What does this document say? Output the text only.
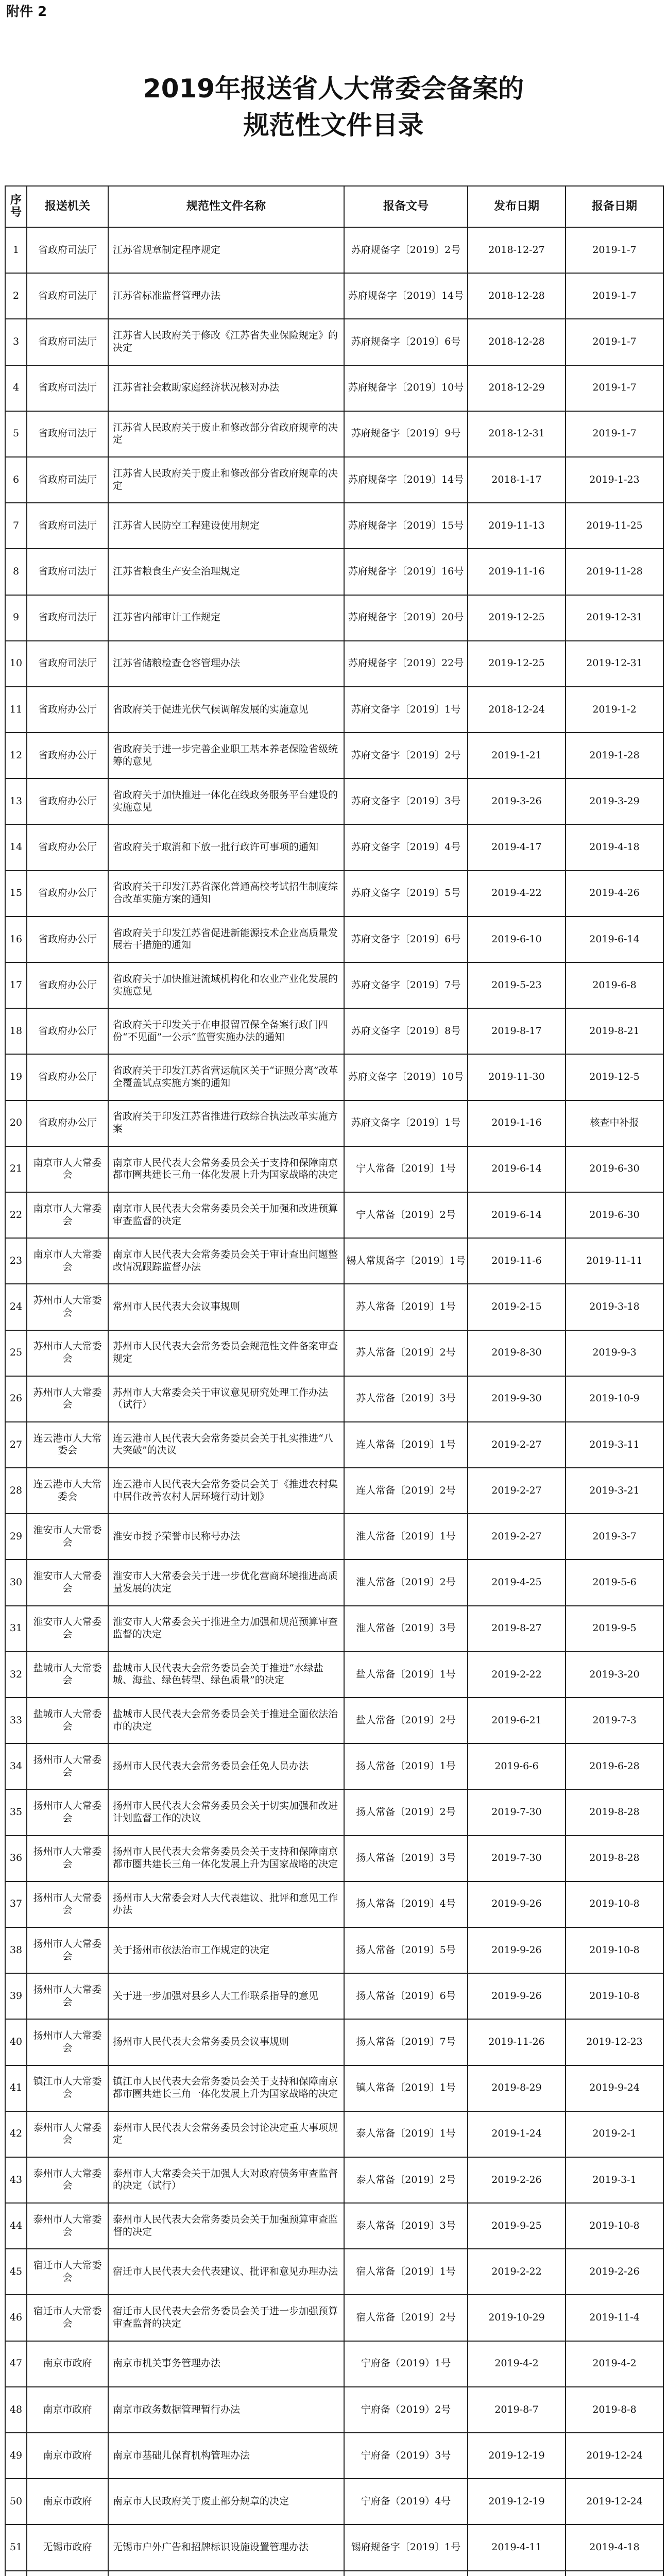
附件 2
2019年报送省人大常委会备案的
规范性文件目录
序号	报送机关	规范性文件名称	报备文号	发布日期	报备日期
1	省政府司法厅	江苏省规章制定程序规定	苏府规备字〔2019〕2号	2018-12-27	2019-1-7
2	省政府司法厅	江苏省标准监督管理办法	苏府规备字〔2019〕14号	2018-12-28	2019-1-7
3	省政府司法厅	江苏省人民政府关于修改《江苏省失业保险规定》的决定	苏府规备字〔2019〕6号	2018-12-28	2019-1-7
4	省政府司法厅	江苏省社会救助家庭经济状况核对办法	苏府规备字〔2019〕10号	2018-12-29	2019-1-7
5	省政府司法厅	江苏省人民政府关于废止和修改部分省政府规章的决定	苏府规备字〔2019〕9号	2018-12-31	2019-1-7
6	省政府司法厅	江苏省人民政府关于废止和修改部分省政府规章的决定	苏府规备字〔2019〕14号	2018-1-17	2019-1-23
7	省政府司法厅	江苏省人民防空工程建设使用规定	苏府规备字〔2019〕15号	2019-11-13	2019-11-25
8	省政府司法厅	江苏省粮食生产安全治理规定	苏府规备字〔2019〕16号	2019-11-16	2019-11-28
9	省政府司法厅	江苏省内部审计工作规定	苏府规备字〔2019〕20号	2019-12-25	2019-12-31
10	省政府司法厅	江苏省储粮检查仓容管理办法	苏府规备字〔2019〕22号	2019-12-25	2019-12-31
11	省政府办公厅	省政府关于促进光伏气候调解发展的实施意见	苏府文备字〔2019〕1号	2018-12-24	2019-1-2
12	省政府办公厅	省政府关于进一步完善企业职工基本养老保险省级统筹的意见	苏府文备字〔2019〕2号	2019-1-21	2019-1-28
13	省政府办公厅	省政府关于加快推进一体化在线政务服务平台建设的实施意见	苏府文备字〔2019〕3号	2019-3-26	2019-3-29
14	省政府办公厅	省政府关于取消和下放一批行政许可事项的通知	苏府文备字〔2019〕4号	2019-4-17	2019-4-18
15	省政府办公厅	省政府关于印发江苏省深化普通高校考试招生制度综合改革实施方案的通知	苏府文备字〔2019〕5号	2019-4-22	2019-4-26
16	省政府办公厅	省政府关于印发江苏省促进新能源技术企业高质量发展若干措施的通知	苏府文备字〔2019〕6号	2019-6-10	2019-6-14
17	省政府办公厅	省政府关于加快推进流域机构化和农业产业化发展的实施意见	苏府文备字〔2019〕7号	2019-5-23	2019-6-8
18	省政府办公厅	省政府关于印发关于在申报留置保全备案行政门四份“不见面”一公示“监管实施办法的通知	苏府文备字〔2019〕8号	2019-8-17	2019-8-21
19	省政府办公厅	省政府关于印发江苏省营运航区关于“证照分离”改革全覆盖试点实施方案的通知	苏府文备字〔2019〕10号	2019-11-30	2019-12-5
20	省政府办公厅	省政府关于印发江苏省推进行政综合执法改革实施方案	苏府文备字〔2019〕1号	2019-1-16	核查中补报
21	南京市人大常委会	南京市人民代表大会常务委员会关于支持和保障南京都市圈共建长三角一体化发展上升为国家战略的决定	宁人常备〔2019〕1号	2019-6-14	2019-6-30
22	南京市人大常委会	南京市人民代表大会常务委员会关于加强和改进预算审查监督的决定	宁人常备〔2019〕2号	2019-6-14	2019-6-30
23	南京市人大常委会	南京市人民代表大会常务委员会关于审计查出问题整改情况跟踪监督办法	锡人常规备字〔2019〕1号	2019-11-6	2019-11-11
24	苏州市人大常委会	常州市人民代表大会议事规则	苏人常备〔2019〕1号	2019-2-15	2019-3-18
25	苏州市人大常委会	苏州市人民代表大会常务委员会规范性文件备案审查规定	苏人常备〔2019〕2号	2019-8-30	2019-9-3
26	苏州市人大常委会	苏州市人大常委会关于审议意见研究处理工作办法（试行）	苏人常备〔2019〕3号	2019-9-30	2019-10-9
27	连云港市人大常委会	连云港市人民代表大会常务委员会关于扎实推进“八大突破”的决议	连人常备〔2019〕1号	2019-2-27	2019-3-11
28	连云港市人大常委会	连云港市人民代表大会常务委员会关于《推进农村集中居住改善农村人居环境行动计划》	连人常备〔2019〕2号	2019-2-27	2019-3-21
29	淮安市人大常委会	淮安市授予荣誉市民称号办法	淮人常备〔2019〕1号	2019-2-27	2019-3-7
30	淮安市人大常委会	淮安市人大常委会关于进一步优化营商环境推进高质量发展的决定	淮人常备〔2019〕2号	2019-4-25	2019-5-6
31	淮安市人大常委会	淮安市人大常委会关于推进全力加强和规范预算审查监督的决定	淮人常备〔2019〕3号	2019-8-27	2019-9-5
32	盐城市人大常委会	盐城市人民代表大会常务委员会关于推进“水绿盐城、海盐、绿色转型、绿色质量”的决定	盐人常备〔2019〕1号	2019-2-22	2019-3-20
33	盐城市人大常委会	盐城市人民代表大会常务委员会关于推进全面依法治市的决定	盐人常备〔2019〕2号	2019-6-21	2019-7-3
34	扬州市人大常委会	扬州市人民代表大会常务委员会任免人员办法	扬人常备〔2019〕1号	2019-6-6	2019-6-28
35	扬州市人大常委会	扬州市人民代表大会常务委员会关于切实加强和改进计划监督工作的决议	扬人常备〔2019〕2号	2019-7-30	2019-8-28
36	扬州市人大常委会	扬州市人民代表大会常务委员会关于支持和保障南京都市圈共建长三角一体化发展上升为国家战略的决定	扬人常备〔2019〕3号	2019-7-30	2019-8-28
37	扬州市人大常委会	扬州市人大常委会对人大代表建议、批评和意见工作办法	扬人常备〔2019〕4号	2019-9-26	2019-10-8
38	扬州市人大常委会	关于扬州市依法治市工作规定的决定	扬人常备〔2019〕5号	2019-9-26	2019-10-8
39	扬州市人大常委会	关于进一步加强对县乡人大工作联系指导的意见	扬人常备〔2019〕6号	2019-9-26	2019-10-8
40	扬州市人大常委会	扬州市人民代表大会常务委员会议事规则	扬人常备〔2019〕7号	2019-11-26	2019-12-23
41	镇江市人大常委会	镇江市人民代表大会常务委员会关于支持和保障南京都市圈共建长三角一体化发展上升为国家战略的决定	镇人常备〔2019〕1号	2019-8-29	2019-9-24
42	泰州市人大常委会	泰州市人民代表大会常务委员会讨论决定重大事项规定	泰人常备〔2019〕1号	2019-1-24	2019-2-1
43	泰州市人大常委会	泰州市人大常委会关于加强人大对政府债务审查监督的决定（试行）	泰人常备〔2019〕2号	2019-2-26	2019-3-1
44	泰州市人大常委会	泰州市人民代表大会常务委员会关于加强预算审查监督的决定	泰人常备〔2019〕3号	2019-9-25	2019-10-8
45	宿迁市人大常委会	宿迁市人民代表大会代表建议、批评和意见办理办法	宿人常备〔2019〕1号	2019-2-22	2019-2-26
46	宿迁市人大常委会	宿迁市人民代表大会常务委员会关于进一步加强预算审查监督的决定	宿人常备〔2019〕2号	2019-10-29	2019-11-4
47	南京市政府	南京市机关事务管理办法	宁府备（2019）1号	2019-4-2	2019-4-2
48	南京市政府	南京市政务数据管理暂行办法	宁府备（2019）2号	2019-8-7	2019-8-8
49	南京市政府	南京市基础儿保育机构管理办法	宁府备（2019）3号	2019-12-19	2019-12-24
50	南京市政府	南京市人民政府关于废止部分规章的决定	宁府备（2019）4号	2019-12-19	2019-12-24
51	无锡市政府	无锡市户外广告和招牌标识设施设置管理办法	锡府规备字〔2019〕1号	2019-4-11	2019-4-18
